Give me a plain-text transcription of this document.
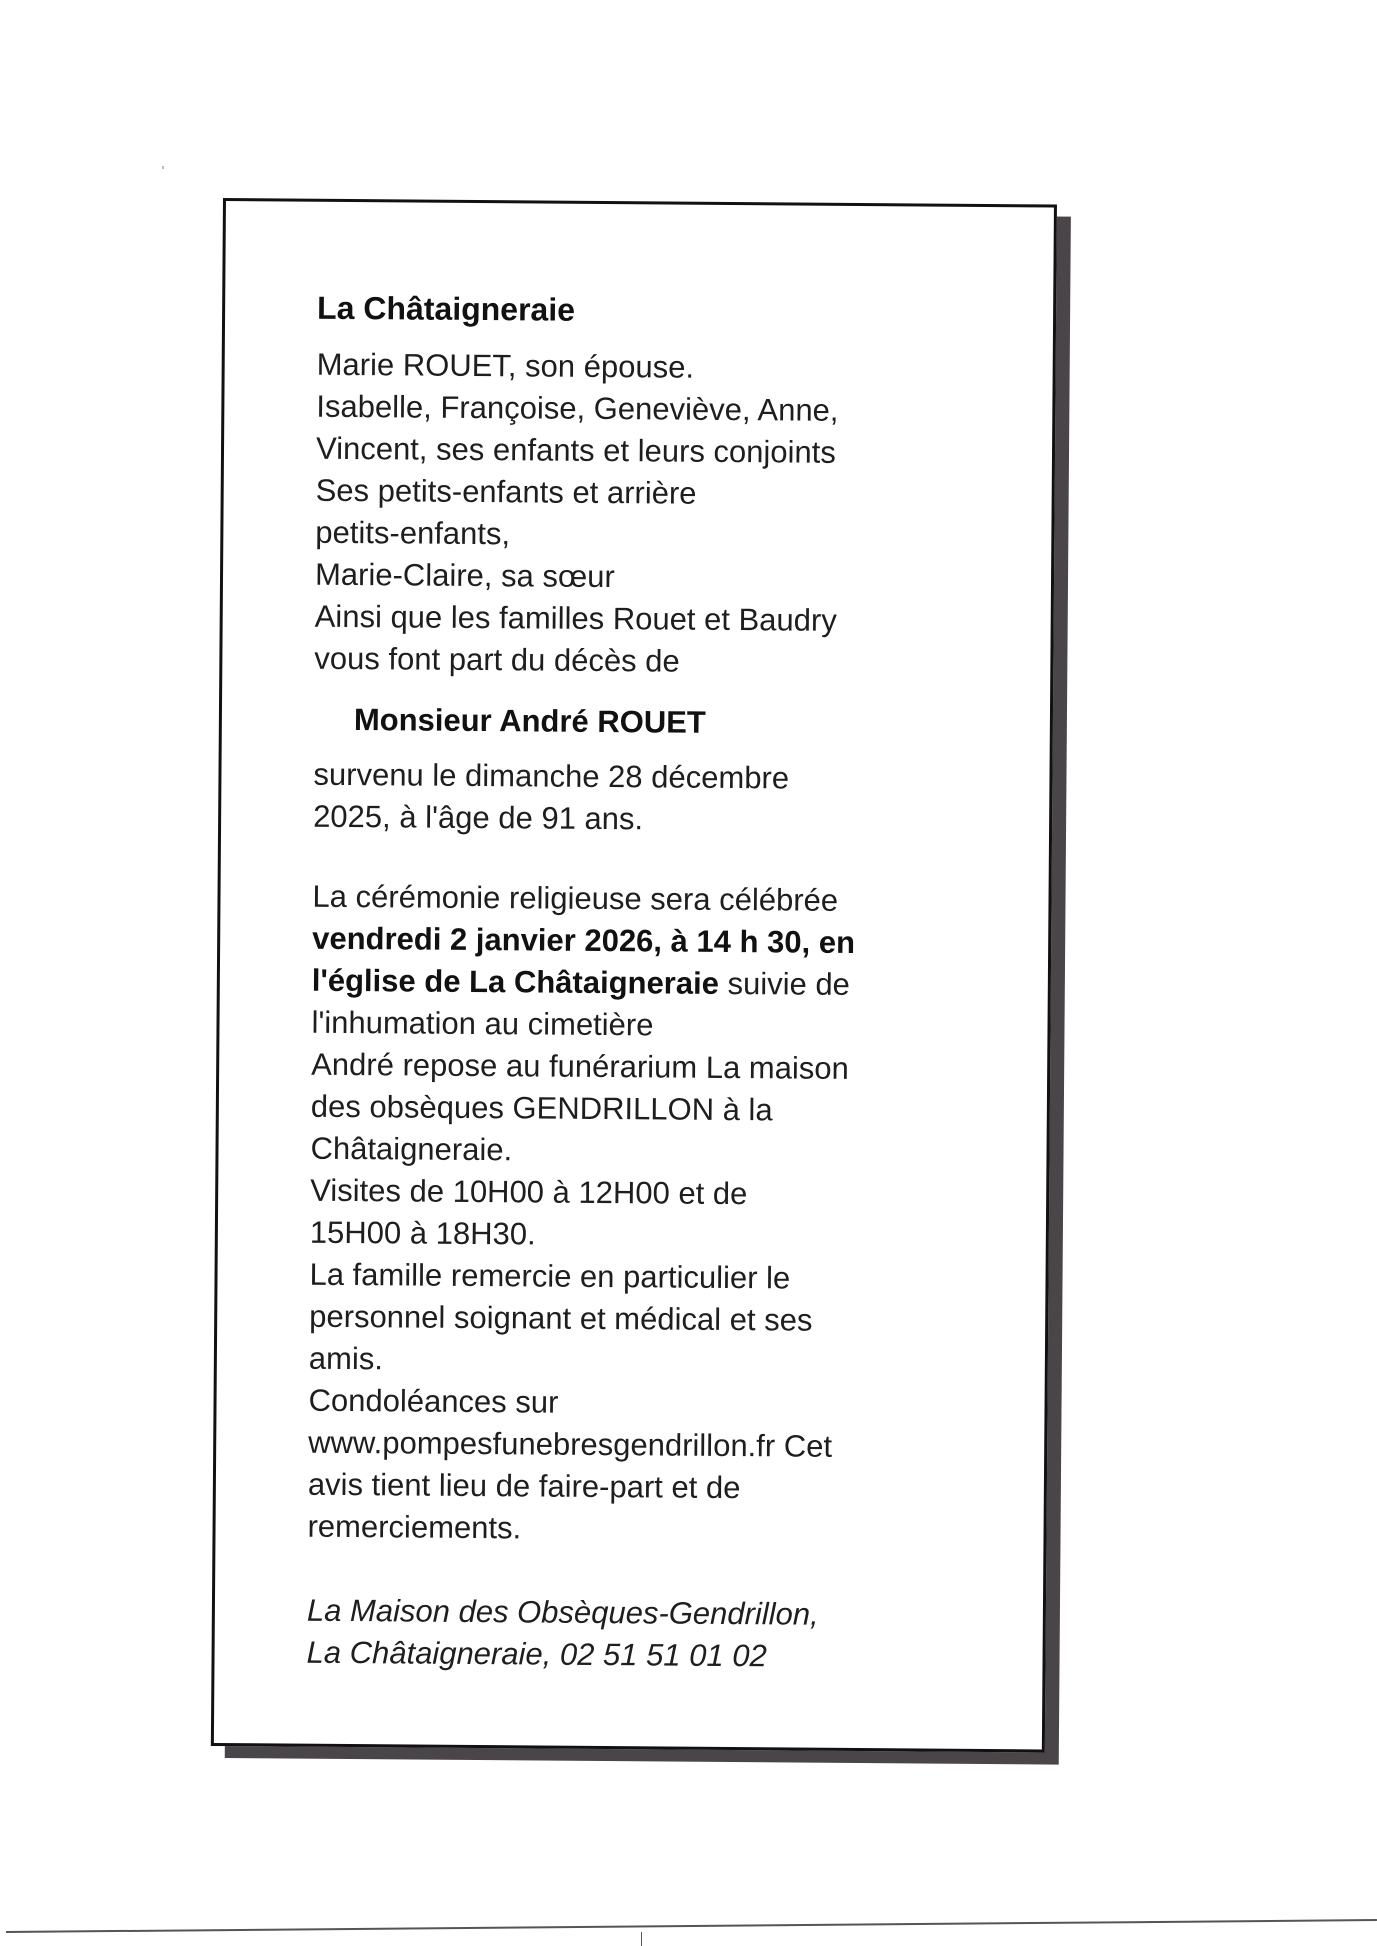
La Châtaigneraie
Marie ROUET, son épouse.
Isabelle, Françoise, Geneviève, Anne,
Vincent, ses enfants et leurs conjoints
Ses petits-enfants et arrière
petits-enfants,
Marie-Claire, sa sœur
Ainsi que les familles Rouet et Baudry
vous font part du décès de
Monsieur André ROUET
survenu le dimanche 28 décembre
2025, à l'âge de 91 ans.
La cérémonie religieuse sera célébrée
vendredi 2 janvier 2026, à 14 h 30, en
l'église de La Châtaigneraie suivie de
l'inhumation au cimetière
André repose au funérarium La maison
des obsèques GENDRILLON à la
Châtaigneraie.
Visites de 10H00 à 12H00 et de
15H00 à 18H30.
La famille remercie en particulier le
personnel soignant et médical et ses
amis.
Condoléances sur
www.pompesfunebresgendrillon.fr Cet
avis tient lieu de faire-part et de
remerciements.
La Maison des Obsèques-Gendrillon,
La Châtaigneraie, 02 51 51 01 02
